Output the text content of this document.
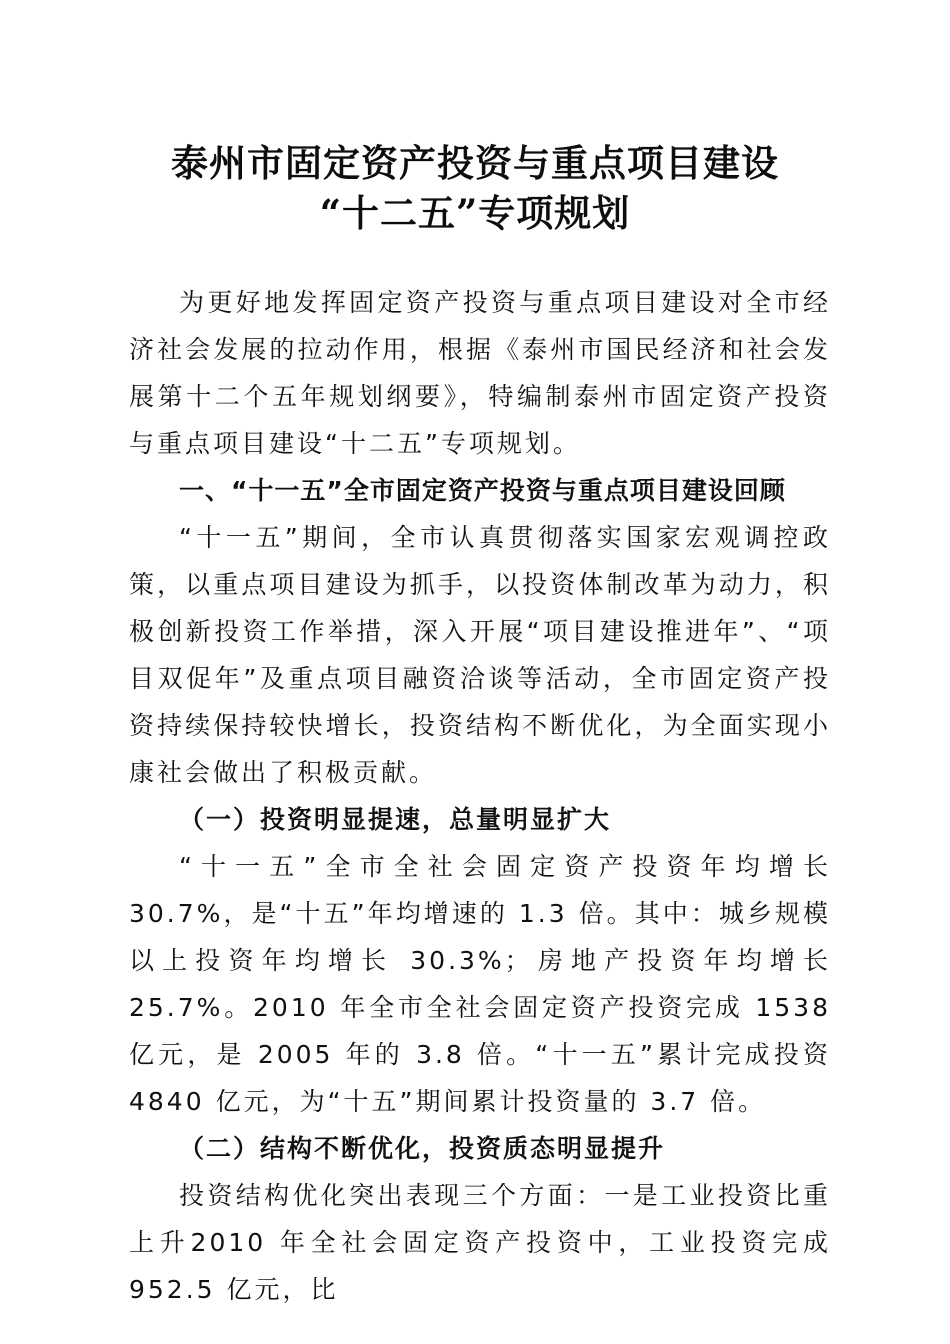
泰州市固定资产投资与重点项目建设
“十二五”专项规划

为更好地发挥固定资产投资与重点项目建设对全市经济社会发展的拉动作用，根据《泰州市国民经济和社会发展第十二个五年规划纲要》，特编制泰州市固定资产投资与重点项目建设“十二五”专项规划。

一、“十一五”全市固定资产投资与重点项目建设回顾

“十一五”期间，全市认真贯彻落实国家宏观调控政策，以重点项目建设为抓手，以投资体制改革为动力，积极创新投资工作举措，深入开展“项目建设推进年”、“项目双促年”及重点项目融资洽谈等活动，全市固定资产投资持续保持较快增长，投资结构不断优化，为全面实现小康社会做出了积极贡献。

（一）投资明显提速，总量明显扩大

“十一五”全市全社会固定资产投资年均增长 30.7%，是“十五”年均增速的 1.3 倍。其中：城乡规模以上投资年均增长 30.3%；房地产投资年均增长 25.7%。2010 年全市全社会固定资产投资完成 1538 亿元，是 2005 年的 3.8 倍。“十一五”累计完成投资 4840 亿元，为“十五”期间累计投资量的 3.7 倍。

（二）结构不断优化，投资质态明显提升

投资结构优化突出表现三个方面：一是工业投资比重上升2010 年全社会固定资产投资中，工业投资完成 952.5 亿元，比
